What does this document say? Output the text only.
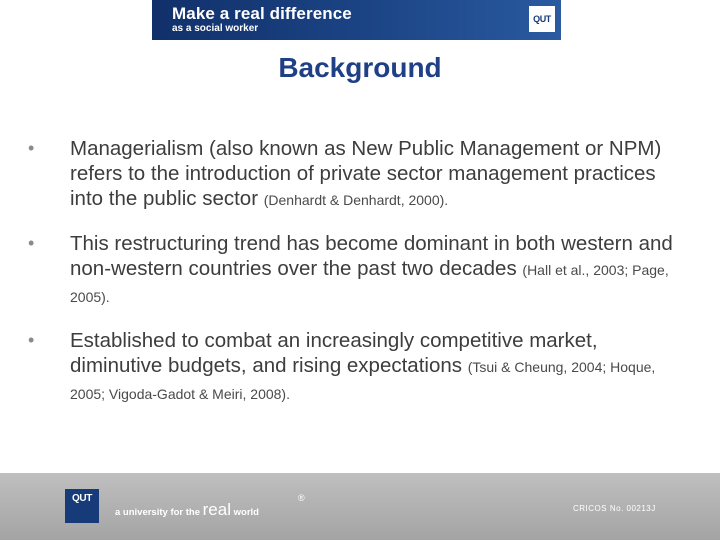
Make a real difference
as a social worker
QUT
Background
•	Managerialism (also known as New Public Management or NPM) refers to the introduction of private sector management practices into the public sector (Denhardt & Denhardt, 2000).
•	This restructuring trend has become dominant in both western and non-western countries over the past two decades (Hall et al., 2003; Page, 2005).
•	Established to combat an increasingly competitive market, diminutive budgets, and rising expectations (Tsui & Cheung, 2004; Hoque, 2005; Vigoda-Gadot & Meiri, 2008).
QUT
a university for the real world
®
CRICOS No. 00213J
